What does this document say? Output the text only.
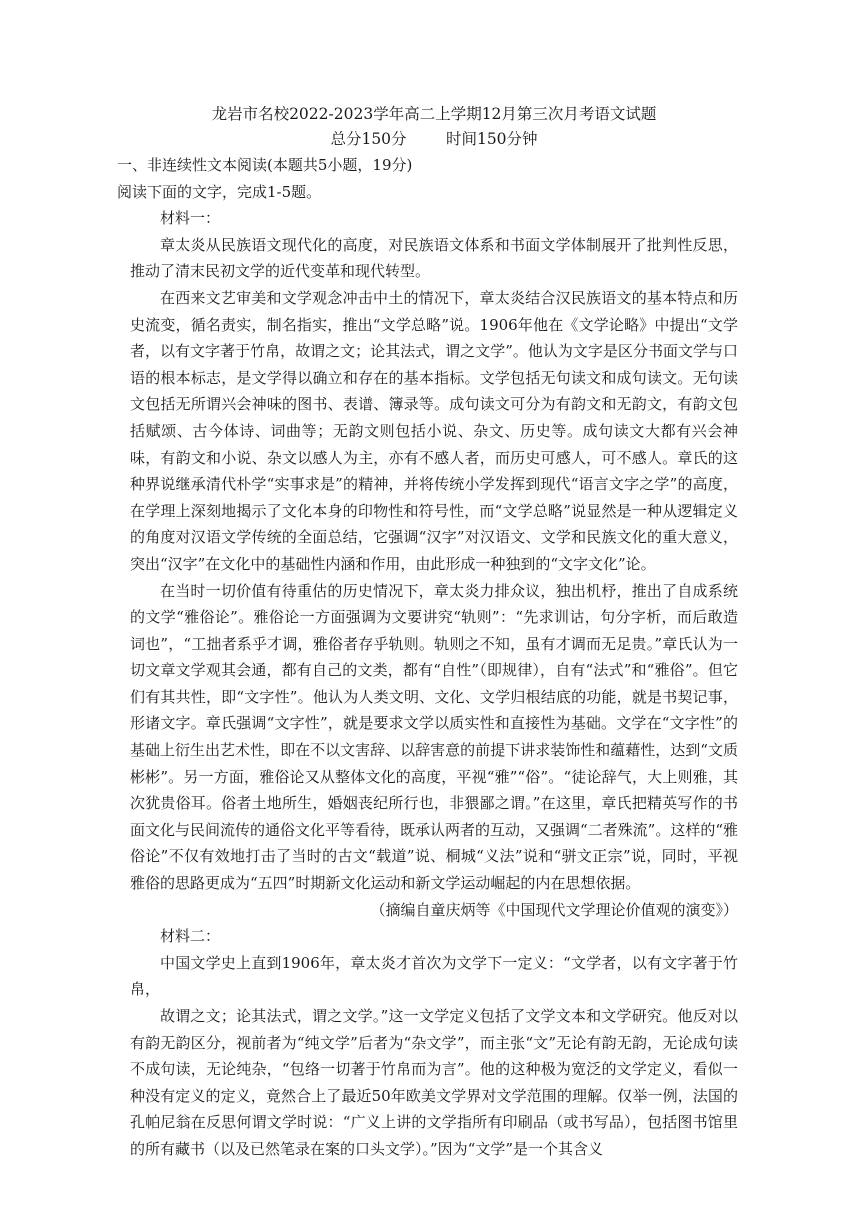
龙岩市名校2022-2023学年高二上学期12月第三次月考语文试题
总分150分        时间150分钟

一、非连续性文本阅读(本题共5小题，19分)

阅读下面的文字，完成1-5题。

材料一：

章太炎从民族语文现代化的高度，对民族语文体系和书面文学体制展开了批判性反思，推动了清末民初文学的近代变革和现代转型。

在西来文艺审美和文学观念冲击中土的情况下，章太炎结合汉民族语文的基本特点和历史流变，循名责实，制名指实，推出“文学总略”说。1906年他在《文学论略》中提出“文学者，以有文字著于竹帛，故谓之文；论其法式，谓之文学”。他认为文字是区分书面文学与口语的根本标志，是文学得以确立和存在的基本指标。文学包括无句读文和成句读文。无句读文包括无所谓兴会神味的图书、表谱、簿录等。成句读文可分为有韵文和无韵文，有韵文包括赋颂、古今体诗、词曲等；无韵文则包括小说、杂文、历史等。成句读文大都有兴会神味，有韵文和小说、杂文以感人为主，亦有不感人者，而历史可感人，可不感人。章氏的这种界说继承清代朴学“实事求是”的精神，并将传统小学发挥到现代“语言文字之学”的高度，在学理上深刻地揭示了文化本身的印物性和符号性，而“文学总略”说显然是一种从逻辑定义的角度对汉语文学传统的全面总结，它强调“汉字”对汉语文、文学和民族文化的重大意义，突出“汉字”在文化中的基础性内涵和作用，由此形成一种独到的“文字文化”论。

在当时一切价值有待重估的历史情况下，章太炎力排众议，独出机杼，推出了自成系统的文学“雅俗论”。雅俗论一方面强调为文要讲究“轨则”：“先求训诂，句分字析，而后敢造词也”，“工拙者系乎才调，雅俗者存乎轨则。轨则之不知，虽有才调而无足贵。”章氏认为一切文章文学观其会通，都有自己的文类，都有“自性”（即规律），自有“法式”和“雅俗”。但它们有其共性，即“文字性”。他认为人类文明、文化、文学归根结底的功能，就是书契记事，形诸文字。章氏强调“文字性”，就是要求文学以质实性和直接性为基础。文学在“文字性”的基础上衍生出艺术性，即在不以文害辞、以辞害意的前提下讲求装饰性和蕴藉性，达到“文质彬彬”。另一方面，雅俗论又从整体文化的高度，平视“雅”“俗”。“徒论辞气，大上则雅，其次犹贵俗耳。俗者土地所生，婚姻丧纪所行也，非猥鄙之谓。”在这里，章氏把精英写作的书面文化与民间流传的通俗文化平等看待，既承认两者的互动，又强调“二者殊流”。这样的“雅俗论”不仅有效地打击了当时的古文“载道”说、桐城“义法”说和“骈文正宗”说，同时，平视雅俗的思路更成为“五四”时期新文化运动和新文学运动崛起的内在思想依据。

（摘编自童庆炳等《中国现代文学理论价值观的演变》）

材料二：

中国文学史上直到1906年，章太炎才首次为文学下一定义：“文学者，以有文字著于竹帛，

故谓之文；论其法式，谓之文学。”这一文学定义包括了文学文本和文学研究。他反对以有韵无韵区分，视前者为“纯文学”后者为“杂文学”，而主张“文”无论有韵无韵，无论成句读不成句读，无论纯杂，“包络一切著于竹帛而为言”。他的这种极为宽泛的文学定义，看似一种没有定义的定义，竟然合上了最近50年欧美文学界对文学范围的理解。仅举一例，法国的孔帕尼翁在反思何谓文学时说：“广义上讲的文学指所有印刷品（或书写品），包括图书馆里的所有藏书（以及已然笔录在案的口头文学）。”因为“文学”是一个其含义
